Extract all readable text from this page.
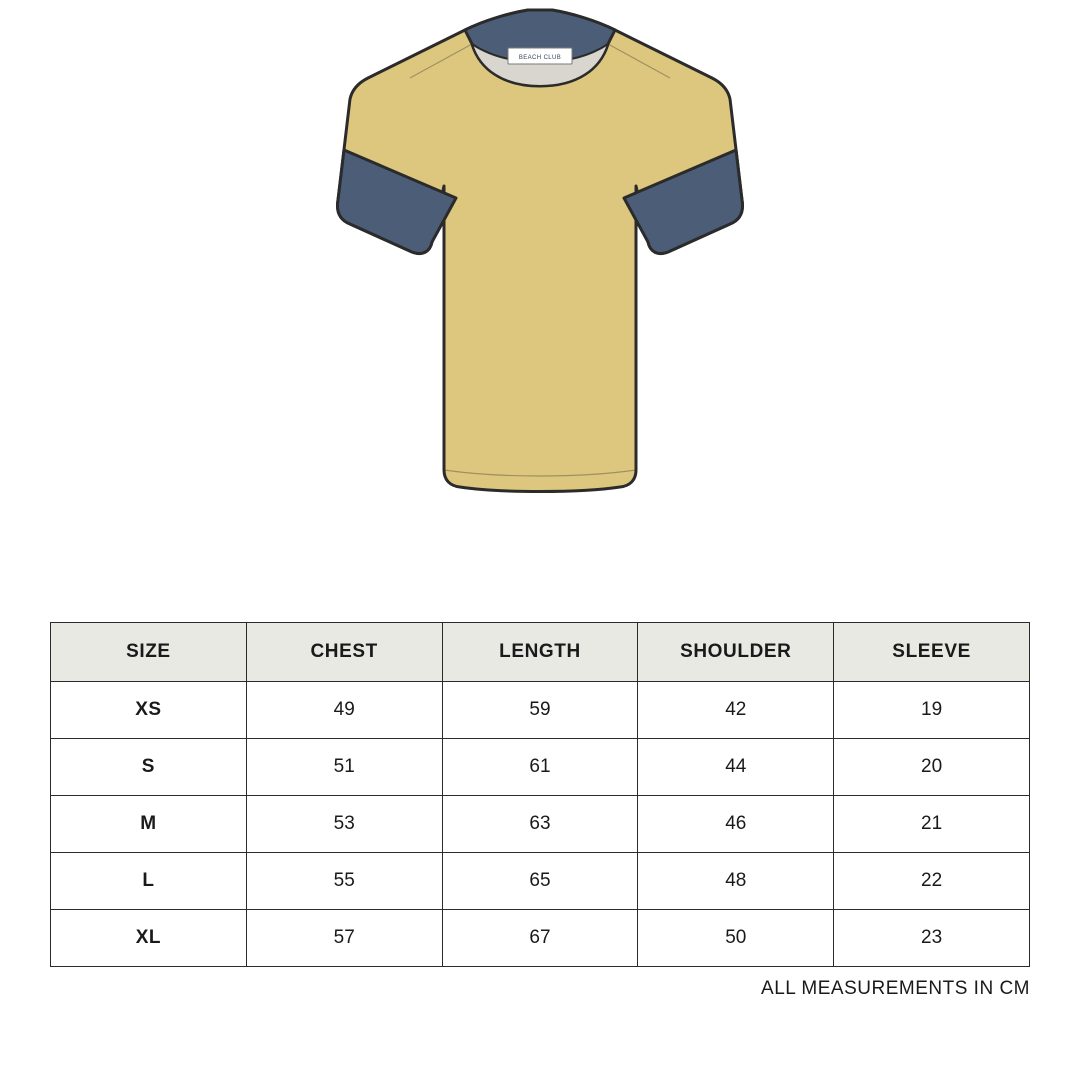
BEACH CLUB
SIZE	CHEST	LENGTH	SHOULDER	SLEEVE
XS	49	59	42	19
S	51	61	44	20
M	53	63	46	21
L	55	65	48	22
XL	57	67	50	23
ALL MEASUREMENTS IN CM
